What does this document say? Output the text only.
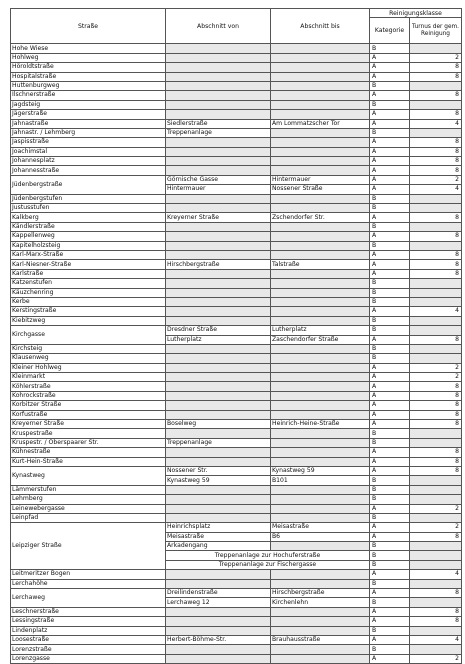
Straße	Abschnitt von	Abschnitt bis	Reinigungsklasse	
			Kategorie	Turnus der gem. Reinigung
Hohe Wiese			B	
Hohlweg			A	2
Höroldtstraße			A	8
Hospitalstraße			A	8
Huttenburgweg			B	
Ilschnerstraße			A	8
Jagdsteig			B	
Jägerstraße			A	8
Jahnastraße	Siedlerstraße	Am Lommatzscher Tor	A	4
Jahnastr. / Lehmberg	Treppenanlage		B	
Jaspisstraße			A	8
Joachimstal			A	8
Johannesplatz			A	8
Johannesstraße			A	8
Jüdenbergstraße	Görnische Gasse	Hintermauer	A	2
	Hintermauer	Nossener Straße	A	4
Jüdenbergstufen			B	
Justusstufen			B	
Kalkberg	Kreyerner Straße	Zschendorfer Str.	A	8
Kändlerstraße			B	
Kappellenweg			A	8
Kapitelholzsteig			B	
Karl-Marx-Straße			A	8
Karl-Niesner-Straße	Hirschbergstraße	Talstraße	A	8
Karlstraße			A	8
Katzenstufen			B	
Käuzchenring			B	
Kerbe			B	
Kerstingstraße			A	4
Kiebitzweg			B	
Kirchgasse	Dresdner Straße	Lutherplatz	B	
	Lutherplatz	Zaschendorfer Straße	A	8
Kirchsteig			B	
Klausenweg			B	
Kleiner Hohlweg			A	2
Kleinmarkt			A	2
Köhlerstraße			A	8
Kohrockstraße			A	8
Korbitzer Straße			A	8
Korfustraße			A	8
Kreyerner Straße	Boselweg	Heinrich-Heine-Straße	A	8
Kruspestraße			B	
Kruspestr. / Oberspaarer Str.	Treppenanlage		B	
Kühnestraße			A	8
Kurt-Hein-Straße			A	8
Kynastweg	Nossener Str.	Kynastweg 59	A	8
	Kynastweg 59	B101	B	
Lämmerstufen			B	
Lehmberg			B	
Leinewebergasse			A	2
Leinpfad			B	
Leipziger Straße	Heinrichsplatz	Meisastraße	A	2
	Meisastraße	B6	A	8
	Arkadengang		B	
	Treppenanlage zur Hochuferstraße		B	
	Treppenanlage zur Fischergasse		B	
Leitmeritzer Bogen			A	4
Lerchahöhe			B	
Lerchaweg	Dreilindenstraße	Hirschbergstraße	A	8
	Lerchaweg 12	Kirchenlehn	B	
Leschnerstraße			A	8
Lessingstraße			A	8
Lindenplatz			B	
Loosestraße	Herbert-Böhme-Str.	Brauhausstraße	A	4
Lorenzstraße			B	
Lorenzgasse			A	2
